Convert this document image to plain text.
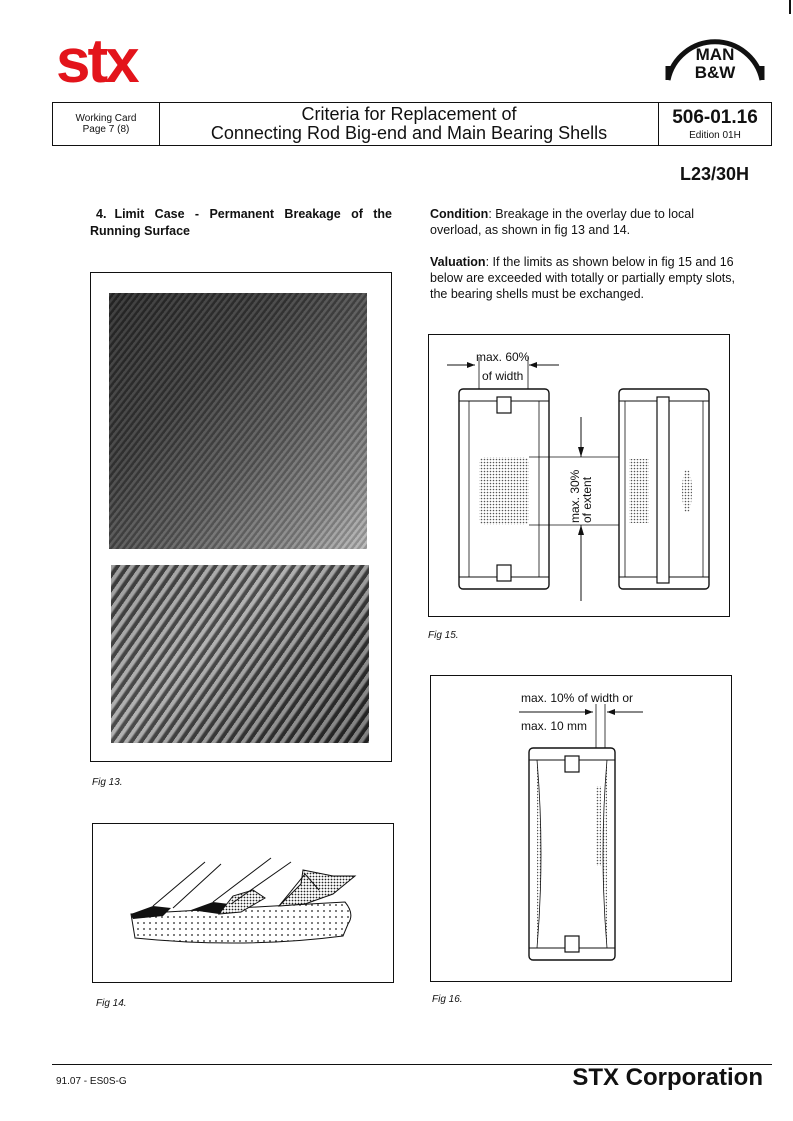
stx	MAN
B&W
Working Card
Page 7 (8)
Criteria for Replacement of
Connecting Rod Big-end and Main Bearing Shells
506-01.16
Edition 01H
L23/30H
4. Limit Case - Permanent Breakage of the Running Surface
Fig 13.
Fig 14.
Condition: Breakage in the overlay due to local overload, as shown in fig 13 and 14.
Valuation: If the limits as shown below in fig 15 and 16 below are exceeded with totally or partially empty slots, the bearing shells must be exchanged.
max. 60%
of width
max. 30%
of extent
Fig 15.
max. 10% of width or
max. 10 mm
Fig 16.
91.07 - ES0S-G	STX Corporation
